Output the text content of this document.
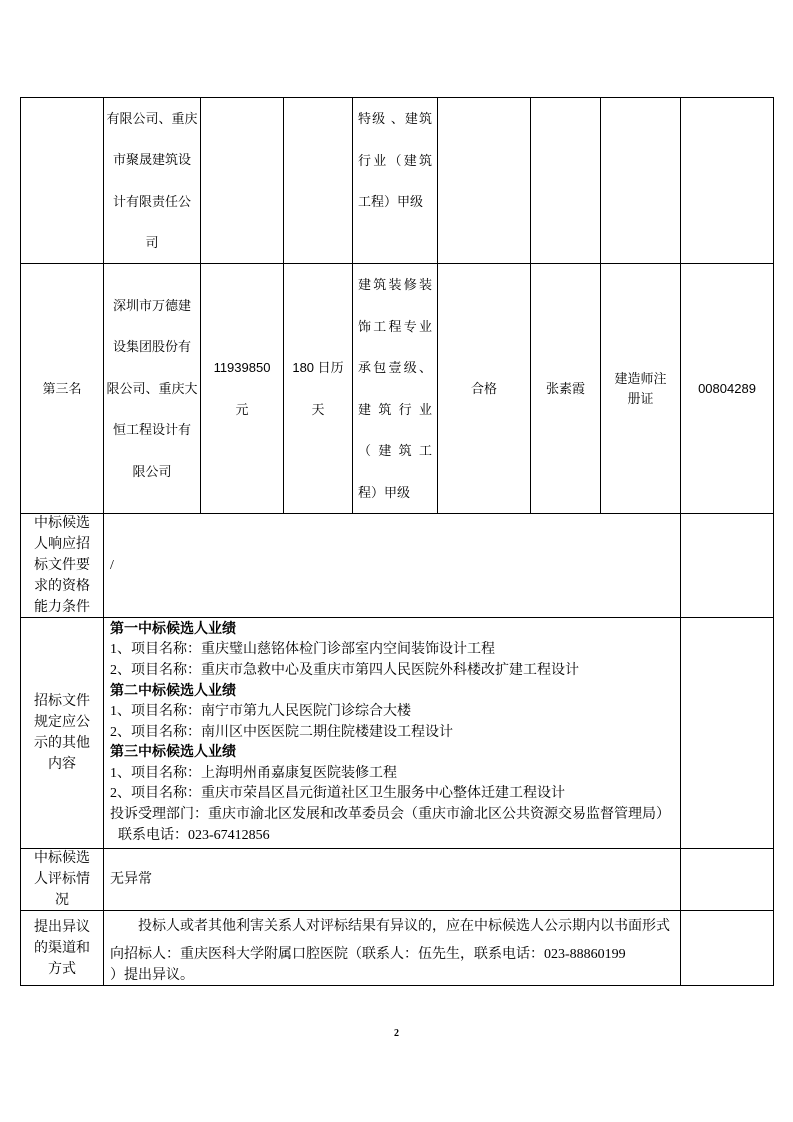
有限公司、重庆
市聚晟建筑设
计有限责任公
司
特级 、建筑
行业（建筑
工程）甲级
第三名
深圳市万德建
设集团股份有
限公司、重庆大
恒工程设计有
限公司
11939850
元
180 日历
天
建筑装修装
饰工程专业
承包壹级、
建 筑 行 业
（ 建 筑 工
程）甲级
合格	张素霞
建造师注
册证
00804289
中标候选
人响应招
标文件要
求的资格
能力条件
/
招标文件
规定应公
示的其他
内容
第一中标候选人业绩
1、项目名称：重庆璧山慈铭体检门诊部室内空间装饰设计工程
2、项目名称：重庆市急救中心及重庆市第四人民医院外科楼改扩建工程设计
第二中标候选人业绩
1、项目名称：南宁市第九人民医院门诊综合大楼
2、项目名称：南川区中医医院二期住院楼建设工程设计
第三中标候选人业绩
1、项目名称：上海明州甬嘉康复医院装修工程
2、项目名称：重庆市荣昌区昌元街道社区卫生服务中心整体迁建工程设计
投诉受理部门：重庆市渝北区发展和改革委员会（重庆市渝北区公共资源交易监督管理局）
联系电话：023-67412856
中标候选
人评标情
况
无异常
提出异议
的渠道和
方式
投标人或者其他利害关系人对评标结果有异议的，应在中标候选人公示期内以书面形式
向招标人：重庆医科大学附属口腔医院（联系人：伍先生，联系电话：023-88860199
）提出异议。
2
